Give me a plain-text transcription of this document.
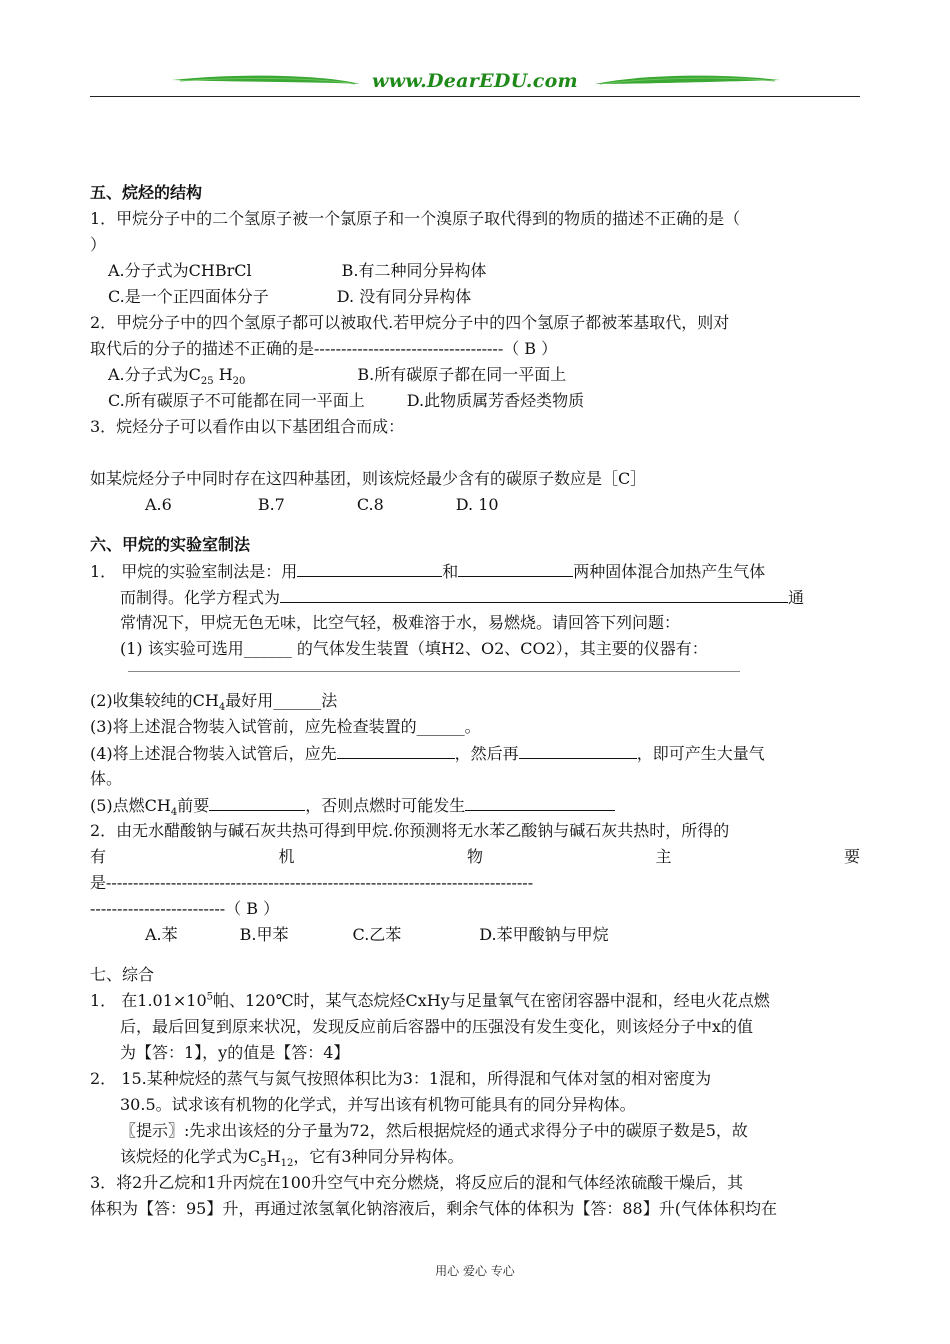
www.DearEDU.com
五、烷烃的结构
1．甲烷分子中的二个氢原子被一个氯原子和一个溴原子取代得到的物质的描述不正确的是（
）
A.分子式为CHBrCl	B.有二种同分异构体
C.是一个正四面体分子	D. 没有同分异构体
2．甲烷分子中的四个氢原子都可以被取代.若甲烷分子中的四个氢原子都被苯基取代，则对
取代后的分子的描述不正确的是-----------------------------------（ B ）
A.分子式为$C_{25}$ $H_{20}$	B.所有碳原子都在同一平面上
C.所有碳原子不可能都在同一平面上	D.此物质属芳香烃类物质
3．烷烃分子可以看作由以下基团组合而成：
如某烷烃分子中同时存在这四种基团，则该烷烃最少含有的碳原子数应是［C］
A.6	B.7	C.8	D. 10
六、甲烷的实验室制法
1． 甲烷的实验室制法是：用	和	两种固体混合加热产生气体
而制得。化学方程式为	通
常情况下，甲烷无色无味，比空气轻，极难溶于水，易燃烧。请回答下列问题：
(1) 该实验可选用______ 的气体发生装置（填H2、O2、CO2），其主要的仪器有：
(2)收集较纯的$CH_4$最好用______法
(3)将上述混合物装入试管前，应先检查装置的______。
(4)将上述混合物装入试管后，应先	，然后再	，即可产生大量气
体。
(5)点燃$CH_4$前要	，否则点燃时可能发生
2．由无水醋酸钠与碱石灰共热可得到甲烷.你预测将无水苯乙酸钠与碱石灰共热时，所得的
有	机	物	主	要
是-------------------------------------------------------------------------------
-------------------------（ B ）
A.苯	B.甲苯	C.乙苯	D.苯甲酸钠与甲烷
七、综合
1． 在$1.01\times 10^5$帕、120℃时，某气态烷烃CxHy与足量氧气在密闭容器中混和，经电火花点燃
后，最后回复到原来状况，发现反应前后容器中的压强没有发生变化，则该烃分子中x的值
为【答：1】，y的值是【答：4】
2． 15.某种烷烃的蒸气与氮气按照体积比为3：1混和，所得混和气体对氢的相对密度为
30.5。试求该有机物的化学式，并写出该有机物可能具有的同分异构体。
〖提示〗:先求出该烃的分子量为72，然后根据烷烃的通式求得分子中的碳原子数是5，故
该烷烃的化学式为$C_5H_{12}$，它有3种同分异构体。
3．将2升乙烷和1升丙烷在100升空气中充分燃烧，将反应后的混和气体经浓硫酸干燥后，其
体积为【答：95】升，再通过浓氢氧化钠溶液后，剩余气体的体积为【答：88】升(气体体积均在
用心 爱心 专心
